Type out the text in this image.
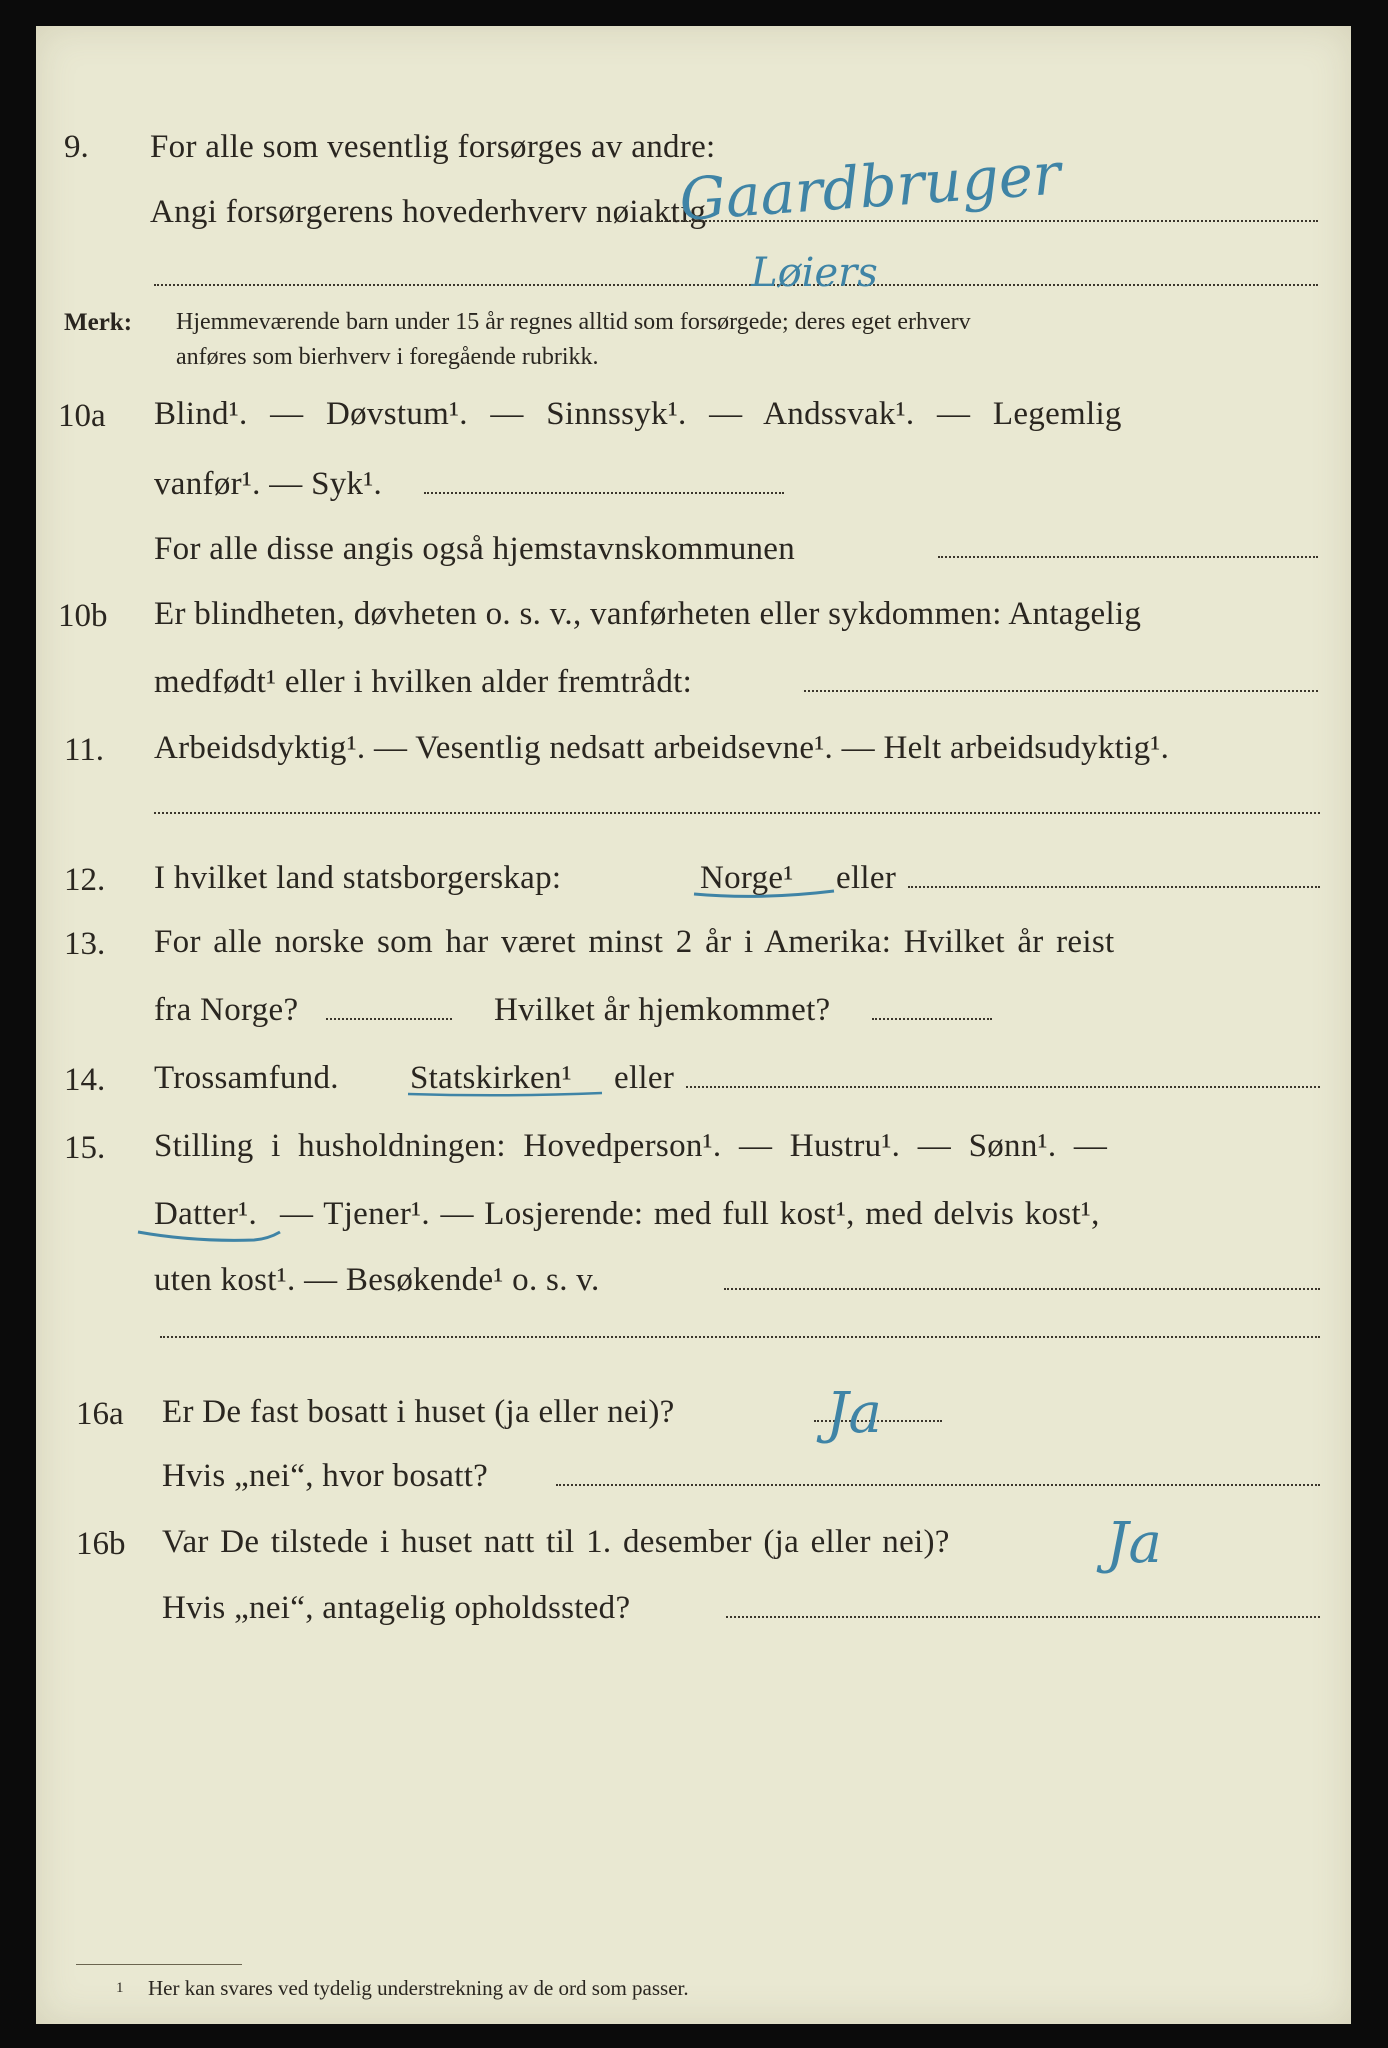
9. For alle som vesentlig forsørges av andre:
Angi forsørgerens hovederhverv nøiaktig
Gaardbruger
Løiers
Merk: Hjemmeværende barn under 15 år regnes alltid som forsørgede; deres eget erhverv
anføres som bierhverv i foregående rubrikk.
10a Blind¹. — Døvstum¹. — Sinnssyk¹. — Andssvak¹. — Legemlig
vanfør¹. — Syk¹.
For alle disse angis også hjemstavnskommunen
10b Er blindheten, døvheten o. s. v., vanførheten eller sykdommen: Antagelig
medfødt¹ eller i hvilken alder fremtrådt:
11. Arbeidsdyktig¹. — Vesentlig nedsatt arbeidsevne¹. — Helt arbeidsudyktig¹.
12. I hvilket land statsborgerskap:	Norge¹ eller
13. For alle norske som har været minst 2 år i Amerika: Hvilket år reist
fra Norge?	Hvilket år hjemkommet?
14. Trossamfund. Statskirken¹ eller
15. Stilling i husholdningen: Hovedperson¹. — Hustru¹. — Sønn¹. —
Datter¹. — Tjener¹. — Losjerende: med full kost¹, med delvis kost¹,
uten kost¹. — Besøkende¹ o. s. v.
16a Er De fast bosatt i huset (ja eller nei)?	Ja
Hvis „nei“, hvor bosatt?
16b Var De tilstede i huset natt til 1. desember (ja eller nei)?	Ja
Hvis „nei“, antagelig opholdssted?
1 Her kan svares ved tydelig understrekning av de ord som passer.
